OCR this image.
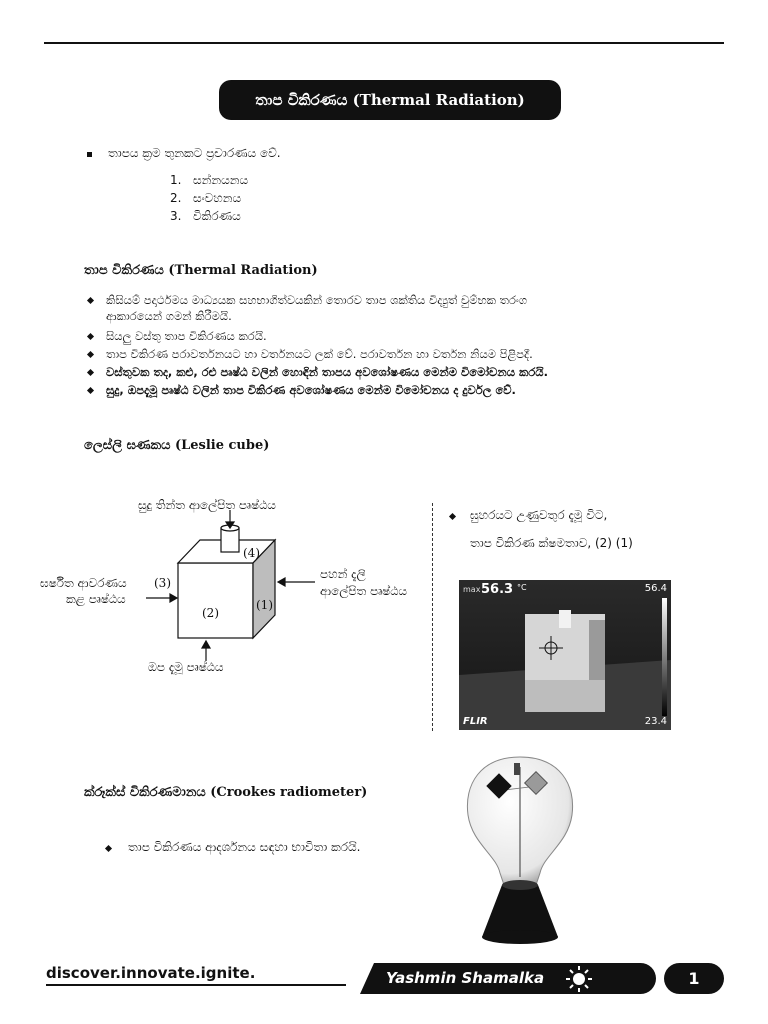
තාප විකිරණය (Thermal Radiation)
තාපය ක්‍රම තුනකට ප්‍රචාරණය වේ.
1. සන්නයනය
2. සංවහනය
3. විකිරණය
තාප විකිරණය (Thermal Radiation)
කිසියම් පදාර්ථමය මාධ්‍යයක සහභාගිත්වයකින් තොරව තාප ශක්තිය විද්‍යුත් චුම්භක තරංග
ආකාරයෙන් ගමන් කිරීමයි.
සියලු වස්තු තාප විකිරණය කරයි.
තාප විකිරණ පරාවර්තනයට හා වර්තනයට ලක් වේ. පරාවර්තන හා වර්තන නියම පිළිපදී.
වස්තුවක තද, කළු, රළු පෘෂ්ඨ වලින් හොඳින් තාපය අවශෝෂණය මෙන්ම විමෝචනය කරයි.
සුදු, ඔපදැමූ පෘෂ්ඨ වලින් තාප විකිරණ අවශෝෂණය මෙන්ම විමෝචනය ද දුර්වල වේ.
ලෙස්ලි ඝණකය (Leslie cube)
සුදු තින්ත ආලේපිත පෘෂ්ඨය
(4)
(1)
(2)
(3)
පහන් දැලි
ආලේපිත පෘෂ්ඨය
ඝර්ෂිත ආවරණය
කළ පෘෂ්ඨය
ඔප දැමූ පෘෂ්ඨය
ඝුහරයට උණුවතුර දැමූ විට,
තාප විකිරණ ක්ෂමතාව, (2) (1)
max 56.3 °C	56.4
23.4
FLIR
ක්රූක්ස් විකිරණමානය (Crookes radiometer)
තාප විකිරණය ආදර්ශනය සඳහා භාවිතා කරයි.
discover.innovate.ignite.	Yashmin Shamalka	1
